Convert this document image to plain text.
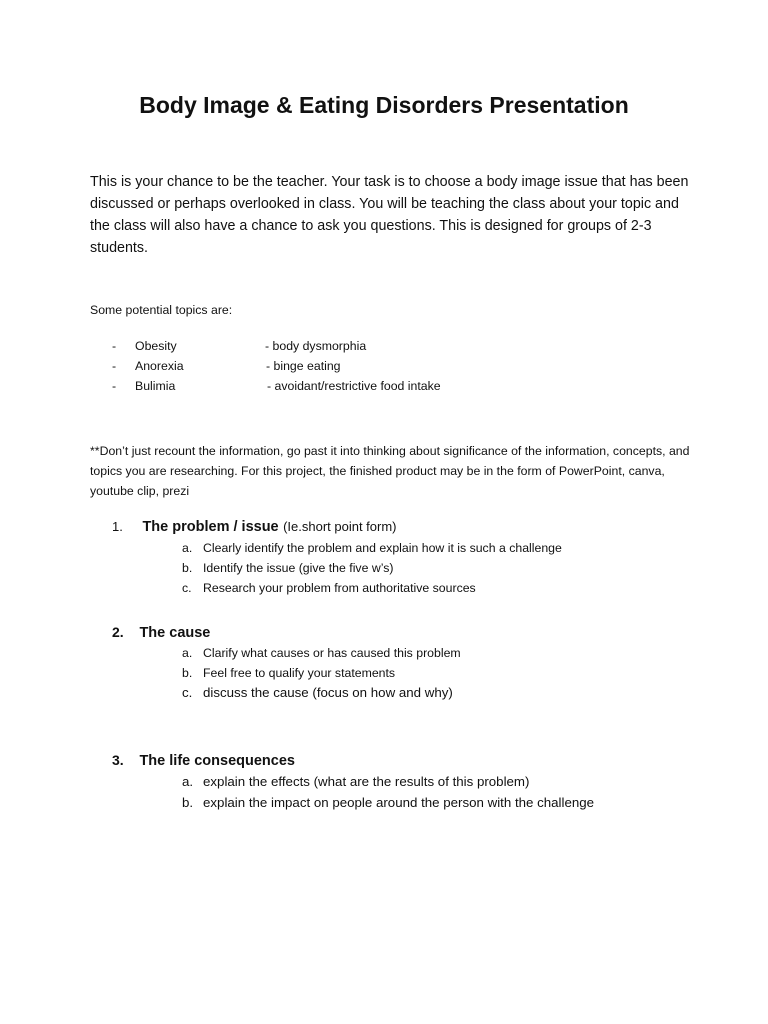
Body Image & Eating Disorders Presentation

This is your chance to be the teacher. Your task is to choose a body image issue that has been discussed or perhaps overlooked in class. You will be teaching the class about your topic and the class will also have a chance to ask you questions. This is designed for groups of 2-3 students.

Some potential topics are:

- Obesity	- body dysmorphia
- Anorexia	- binge eating
- Bulimia	- avoidant/restrictive food intake

**Don’t just recount the information, go past it into thinking about significance of the information, concepts, and topics you are researching. For this project, the finished product may be in the form of PowerPoint, canva, youtube clip, prezi

1. The problem / issue (Ie.short point form)
a. Clearly identify the problem and explain how it is such a challenge
b. Identify the issue (give the five w’s)
c. Research your problem from authoritative sources
2. The cause
a. Clarify what causes or has caused this problem
b. Feel free to qualify your statements
c. discuss the cause (focus on how and why)
3. The life consequences
a. explain the effects (what are the results of this problem)
b. explain the impact on people around the person with the challenge
